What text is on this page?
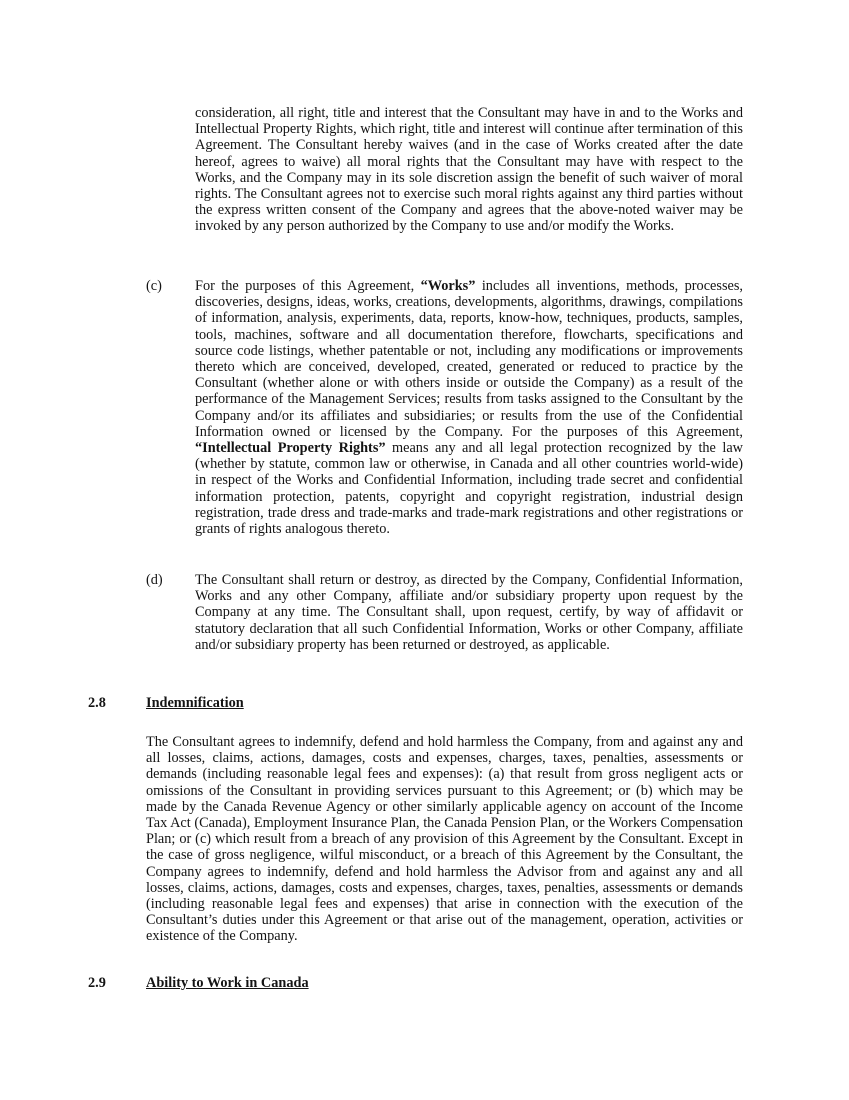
consideration, all right, title and interest that the Consultant may have in and to the Works and Intellectual Property Rights, which right, title and interest will continue after termination of this Agreement. The Consultant hereby waives (and in the case of Works created after the date hereof, agrees to waive) all moral rights that the Consultant may have with respect to the Works, and the Company may in its sole discretion assign the benefit of such waiver of moral rights. The Consultant agrees not to exercise such moral rights against any third parties without the express written consent of the Company and agrees that the above-noted waiver may be invoked by any person authorized by the Company to use and/or modify the Works.

(c) For the purposes of this Agreement, “Works” includes all inventions, methods, processes, discoveries, designs, ideas, works, creations, developments, algorithms, drawings, compilations of information, analysis, experiments, data, reports, know-how, techniques, products, samples, tools, machines, software and all documentation therefore, flowcharts, specifications and source code listings, whether patentable or not, including any modifications or improvements thereto which are conceived, developed, created, generated or reduced to practice by the Consultant (whether alone or with others inside or outside the Company) as a result of the performance of the Management Services; results from tasks assigned to the Consultant by the Company and/or its affiliates and subsidiaries; or results from the use of the Confidential Information owned or licensed by the Company. For the purposes of this Agreement, “Intellectual Property Rights” means any and all legal protection recognized by the law (whether by statute, common law or otherwise, in Canada and all other countries world-wide) in respect of the Works and Confidential Information, including trade secret and confidential information protection, patents, copyright and copyright registration, industrial design registration, trade dress and trade-marks and trade-mark registrations and other registrations or grants of rights analogous thereto.

(d) The Consultant shall return or destroy, as directed by the Company, Confidential Information, Works and any other Company, affiliate and/or subsidiary property upon request by the Company at any time. The Consultant shall, upon request, certify, by way of affidavit or statutory declaration that all such Confidential Information, Works or other Company, affiliate and/or subsidiary property has been returned or destroyed, as applicable.

2.8	Indemnification

The Consultant agrees to indemnify, defend and hold harmless the Company, from and against any and all losses, claims, actions, damages, costs and expenses, charges, taxes, penalties, assessments or demands (including reasonable legal fees and expenses): (a) that result from gross negligent acts or omissions of the Consultant in providing services pursuant to this Agreement; or (b) which may be made by the Canada Revenue Agency or other similarly applicable agency on account of the Income Tax Act (Canada), Employment Insurance Plan, the Canada Pension Plan, or the Workers Compensation Plan; or (c) which result from a breach of any provision of this Agreement by the Consultant. Except in the case of gross negligence, wilful misconduct, or a breach of this Agreement by the Consultant, the Company agrees to indemnify, defend and hold harmless the Advisor from and against any and all losses, claims, actions, damages, costs and expenses, charges, taxes, penalties, assessments or demands (including reasonable legal fees and expenses) that arise in connection with the execution of the Consultant’s duties under this Agreement or that arise out of the management, operation, activities or existence of the Company.

2.9	Ability to Work in Canada
